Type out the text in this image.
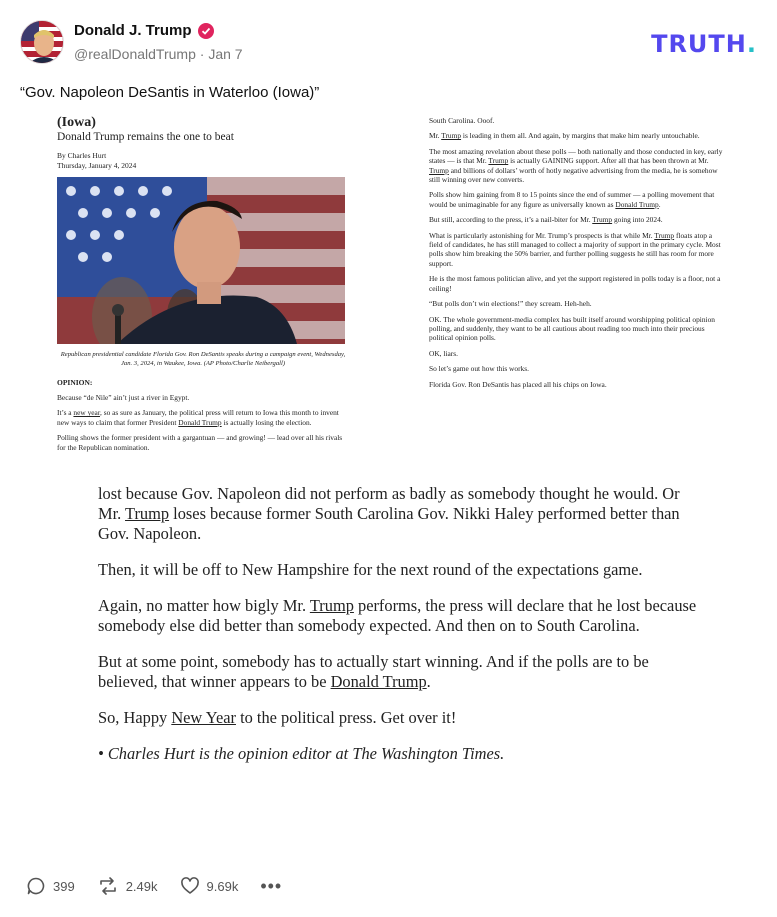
Donald J. Trump
@realDonaldTrump · Jan 7	TRUTH.
“Gov. Napoleon DeSantis in Waterloo (Iowa)”
(Iowa)
Donald Trump remains the one to beat
By Charles Hurt
Thursday, January 4, 2024
Republican presidential candidate Florida Gov. Ron DeSantis speaks during a campaign event, Wednesday, Jan. 3, 2024, in Waukee, Iowa. (AP Photo/Charlie Neibergall)
OPINION:
Because “de Nile” ain’t just a river in Egypt.
It’s a new year, so as sure as January, the political press will return to Iowa this month to invent new ways to claim that former President Donald Trump is actually losing the election.
Polling shows the former president with a gargantuan — and growing! — lead over all his rivals for the Republican nomination.
South Carolina. Ooof.
Mr. Trump is leading in them all. And again, by margins that make him nearly untouchable.
The most amazing revelation about these polls — both nationally and those conducted in key, early states — is that Mr. Trump is actually GAINING support. After all that has been thrown at Mr. Trump and billions of dollars’ worth of hotly negative advertising from the media, he is somehow still winning over new converts.
Polls show him gaining from 8 to 15 points since the end of summer — a polling movement that would be unimaginable for any figure as universally known as Donald Trump.
But still, according to the press, it’s a nail-biter for Mr. Trump going into 2024.
What is particularly astonishing for Mr. Trump’s prospects is that while Mr. Trump floats atop a field of candidates, he has still managed to collect a majority of support in the primary cycle. Most polls show him breaking the 50% barrier, and further polling suggests he still has room for more support.
He is the most famous politician alive, and yet the support registered in polls today is a floor, not a ceiling!
“But polls don’t win elections!” they scream. Heh-heh.
OK. The whole government-media complex has built itself around worshipping political opinion polling, and suddenly, they want to be all cautious about reading too much into their precious political opinion polls.
OK, liars.
So let’s game out how this works.
Florida Gov. Ron DeSantis has placed all his chips on Iowa.

lost because Gov. Napoleon did not perform as badly as somebody thought he would. Or Mr. Trump loses because former South Carolina Gov. Nikki Haley performed better than Gov. Napoleon.

Then, it will be off to New Hampshire for the next round of the expectations game.

Again, no matter how bigly Mr. Trump performs, the press will declare that he lost because somebody else did better than somebody expected. And then on to South Carolina.

But at some point, somebody has to actually start winning. And if the polls are to be believed, that winner appears to be Donald Trump.

So, Happy New Year to the political press. Get over it!

• Charles Hurt is the opinion editor at The Washington Times.

399	2.49k	9.69k •••
